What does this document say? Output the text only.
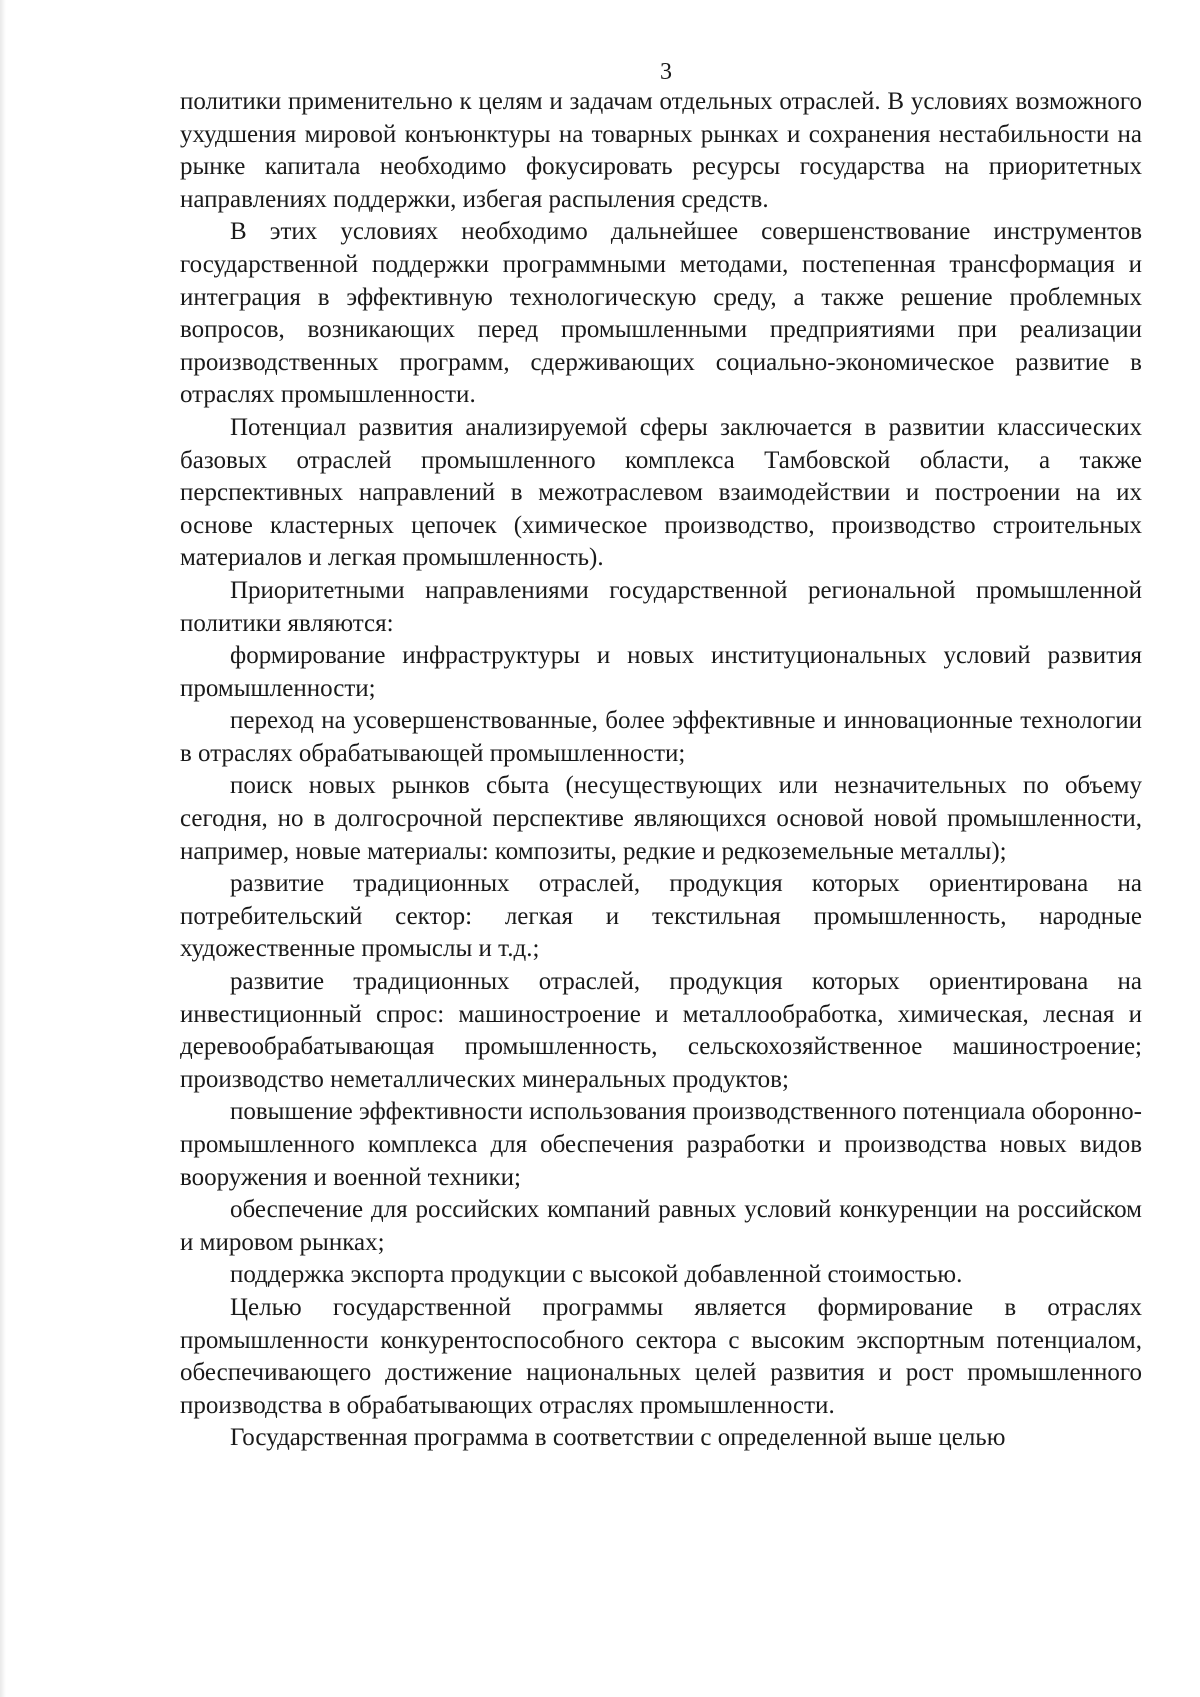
3

политики применительно к целям и задачам отдельных отраслей. В условиях возможного ухудшения мировой конъюнктуры на товарных рынках и сохранения нестабильности на рынке капитала необходимо фокусировать ресурсы государства на приоритетных направлениях поддержки, избегая распыления средств.

В этих условиях необходимо дальнейшее совершенствование инструментов государственной поддержки программными методами, постепенная трансформация и интеграция в эффективную технологическую среду, а также решение проблемных вопросов, возникающих перед промышленными предприятиями при реализации производственных программ, сдерживающих социально-экономическое развитие в отраслях промышленности.

Потенциал развития анализируемой сферы заключается в развитии классических базовых отраслей промышленного комплекса Тамбовской области, а также перспективных направлений в межотраслевом взаимодействии и построении на их основе кластерных цепочек (химическое производство, производство строительных материалов и легкая промышленность).

Приоритетными направлениями государственной региональной промышленной политики являются:

формирование инфраструктуры и новых институциональных условий развития промышленности;

переход на усовершенствованные, более эффективные и инновационные технологии в отраслях обрабатывающей промышленности;

поиск новых рынков сбыта (несуществующих или незначительных по объему сегодня, но в долгосрочной перспективе являющихся основой новой промышленности, например, новые материалы: композиты, редкие и редкоземельные металлы);

развитие традиционных отраслей, продукция которых ориентирована на потребительский сектор: легкая и текстильная промышленность, народные художественные промыслы и т.д.;

развитие традиционных отраслей, продукция которых ориентирована на инвестиционный спрос: машиностроение и металлообработка, химическая, лесная и деревообрабатывающая промышленность, сельскохозяйственное машиностроение; производство неметаллических минеральных продуктов;

повышение эффективности использования производственного потенциала оборонно-промышленного комплекса для обеспечения разработки и производства новых видов вооружения и военной техники;

обеспечение для российских компаний равных условий конкуренции на российском и мировом рынках;

поддержка экспорта продукции с высокой добавленной стоимостью.

Целью государственной программы является формирование в отраслях промышленности конкурентоспособного сектора с высоким экспортным потенциалом, обеспечивающего достижение национальных целей развития и рост промышленного производства в обрабатывающих отраслях промышленности.

Государственная программа в соответствии с определенной выше целью
